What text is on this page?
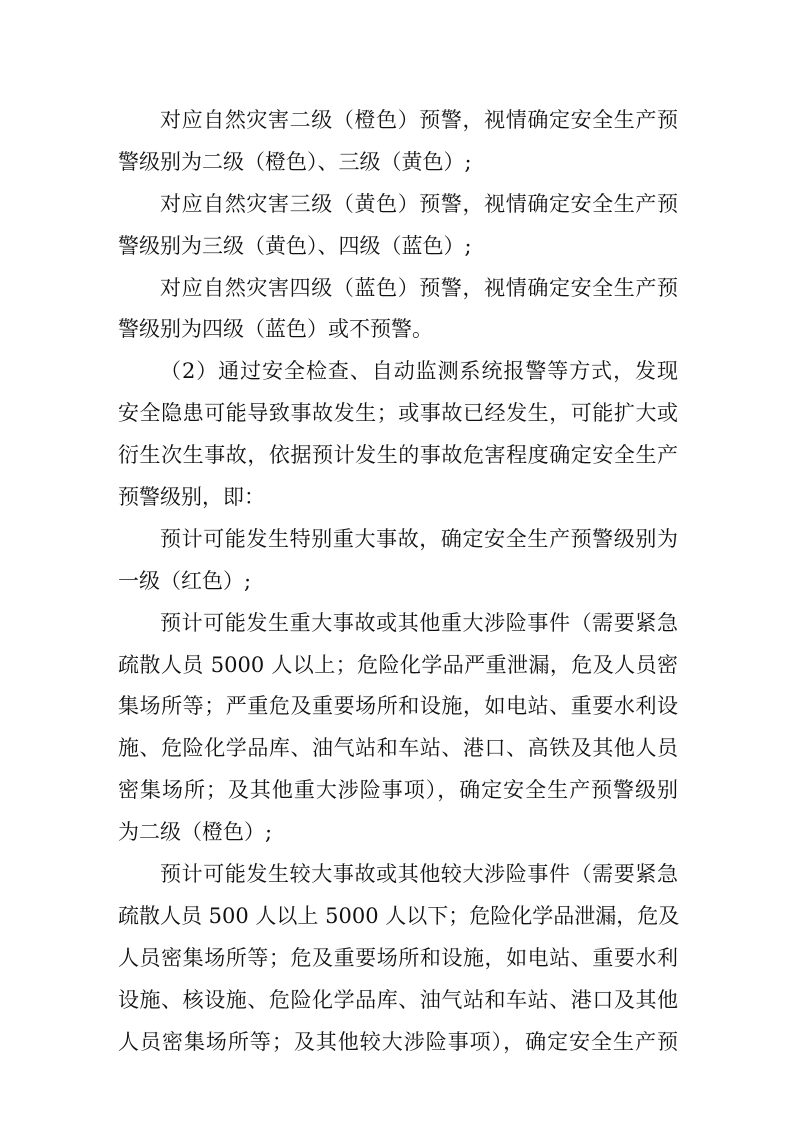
对应自然灾害二级（橙色）预警，视情确定安全生产预
警级别为二级（橙色）、三级（黄色）;
对应自然灾害三级（黄色）预警，视情确定安全生产预
警级别为三级（黄色）、四级（蓝色）;
对应自然灾害四级（蓝色）预警，视情确定安全生产预
警级别为四级（蓝色）或不预警。
（2）通过安全检查、自动监测系统报警等方式，发现
安全隐患可能导致事故发生；或事故已经发生，可能扩大或
衍生次生事故，依据预计发生的事故危害程度确定安全生产
预警级别，即：
预计可能发生特别重大事故，确定安全生产预警级别为
一级（红色）;
预计可能发生重大事故或其他重大涉险事件（需要紧急
疏散人员 5000 人以上；危险化学品严重泄漏，危及人员密
集场所等；严重危及重要场所和设施，如电站、重要水利设
施、危险化学品库、油气站和车站、港口、高铁及其他人员
密集场所；及其他重大涉险事项），确定安全生产预警级别
为二级（橙色）;
预计可能发生较大事故或其他较大涉险事件（需要紧急
疏散人员 500 人以上 5000 人以下；危险化学品泄漏，危及
人员密集场所等；危及重要场所和设施，如电站、重要水利
设施、核设施、危险化学品库、油气站和车站、港口及其他
人员密集场所等；及其他较大涉险事项），确定安全生产预
